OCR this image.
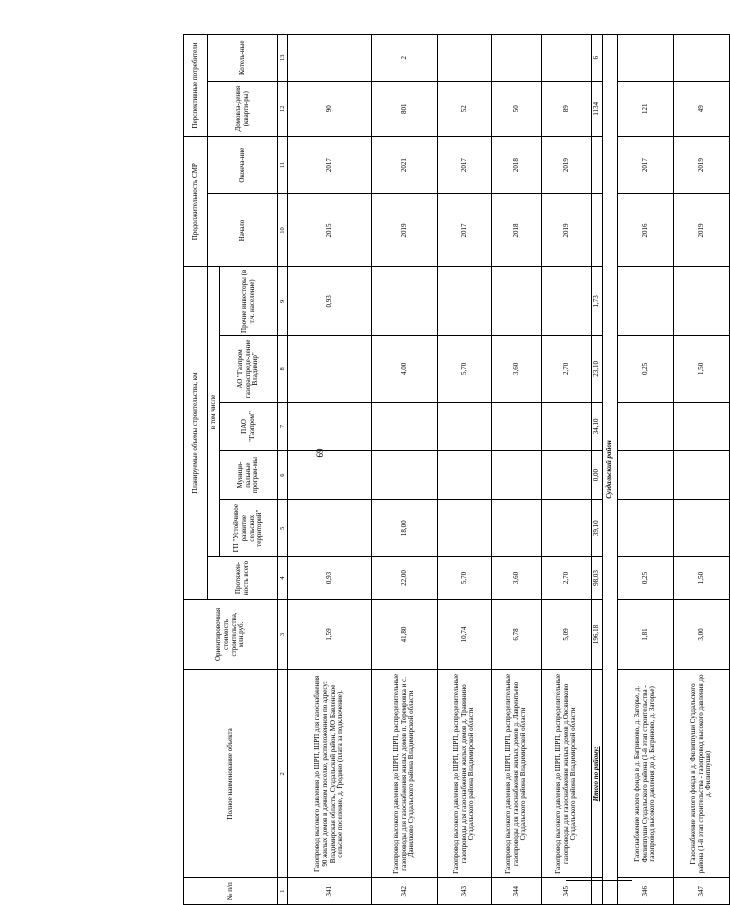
№ п/п	Полное наименование объекта	Ориентировочная стоимость строительства, млн.руб.	Планируемые объемы строительства, км						Продолжительность СМР		Перспективные потребители	
			Протяжен-ность всего	в том числе					Начало	Оконча-ние	Домовла-дения (кварти-ры)	Котель-ные
				ГП "Устойчивое развитие сельских территорий"	Муници-пальные програм-мы	ПАО "Газпром"	АО "Газпром газораспреде-ление Владимир"	Прочие инвесторы (в т.ч. население)				
1	2	3	4	5	6	7	8	9	10	11	12	13
341	Газопровод высокого давления до ШРП, ШРП для газоснабжения 90 жилых домов в дачном поселке, расположенном по адресу: Владимирская область, Суздальский район, МО Бавленское сельское поселение, д. Гродино (плата за подключение).	1,59	0,93					0,93	2015	2017	90	
342	Газопровод высокого давления до ШРП, ШРП, распределительные газопроводы для газоснабжения жилых домов п. Теремровка и с. Данилково Суздальского района Владимирской области	41,80	22,00	18,00			4,00		2019	2021	801	2
343	Газопровод высокого давления до ШРП, ШРП, распределительные газопроводы для газоснабжения жилых домов д. Травинино Суздальского района Владимирской области	10,74	5,70				5,70		2017	2017	52	
344	Газопровод высокого давления до ШРП, ШРП, распределительные газопроводы для газоснабжения жилых домов д. Лаврентьево Суздальского района Владимирской области	6,78	3,60				3,60		2018	2018	50	
345	Газопровод высокого давления до ШРП, ШРП, распределительные газопроводы для газоснабжения жилых домов д.Овсяниково Суздальского района Владимирской области	5,09	2,70				2,70		2019	2019	89	
	Итого по району:	196,18	98,03	39,10	0,00	34,10	23,10	1,73			1134	6
Суздальский район												
346	Газоснабжение жилого фонда в д. Багриново, д. Загорье, д. Филиппуши Суздальского района (1-й этап строительства - газопровод высокого давления до д. Багриново, д. Загорье)	1,81	0,25				0,25		2016	2017	121	
347	Газоснабжение жилого фонда в д. Филиппуши Суздальского района (1-й этап строительства - газопровод высокого давления до д. Филиппуши)	3,00	1,50				1,50		2019	2019	49	
69
